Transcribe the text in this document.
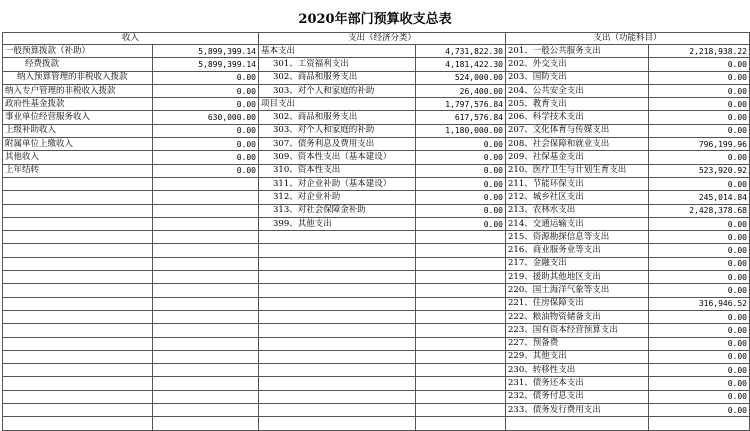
2020年部门预算收支总表
收入		支出（经济分类）		支出（功能科目）	
一般预算拨款（补助）	5,899,399.14	基本支出	4,731,822.30	201、一般公共服务支出	2,218,938.22
经费拨款	5,899,399.14	301、工资福利支出	4,181,422.30	202、外交支出	0.00
纳入预算管理的非税收入拨款	0.00	302、商品和服务支出	524,000.00	203、国防支出	0.00
纳入专户管理的非税收入拨款	0.00	303、对个人和家庭的补助	26,400.00	204、公共安全支出	0.00
政府性基金拨款	0.00	项目支出	1,797,576.84	205、教育支出	0.00
事业单位经营服务收入	630,000.00	302、商品和服务支出	617,576.84	206、科学技术支出	0.00
上级补助收入	0.00	303、对个人和家庭的补助	1,180,000.00	207、文化体育与传媒支出	0.00
附属单位上缴收入	0.00	307、债务利息及费用支出	0.00	208、社会保障和就业支出	796,199.96
其他收入	0.00	309、资本性支出（基本建设）	0.00	209、社保基金支出	0.00
上年结转	0.00	310、资本性支出	0.00	210、医疗卫生与计划生育支出	523,920.92
		311、对企业补助（基本建设）	0.00	211、节能环保支出	0.00
		312、对企业补助	0.00	212、城乡社区支出	245,014.84
		313、对社会保障金补助	0.00	213、农林水支出	2,428,378.68
		399、其他支出	0.00	214、交通运输支出	0.00
				215、资源勘探信息等支出	0.00
				216、商业服务业等支出	0.00
				217、金融支出	0.00
				219、援助其他地区支出	0.00
				220、国土海洋气象等支出	0.00
				221、住房保障支出	316,946.52
				222、粮油物资储备支出	0.00
				223、国有资本经营预算支出	0.00
				227、预备费	0.00
				229、其他支出	0.00
				230、转移性支出	0.00
				231、债务还本支出	0.00
				232、债务付息支出	0.00
				233、债务发行费用支出	0.00
